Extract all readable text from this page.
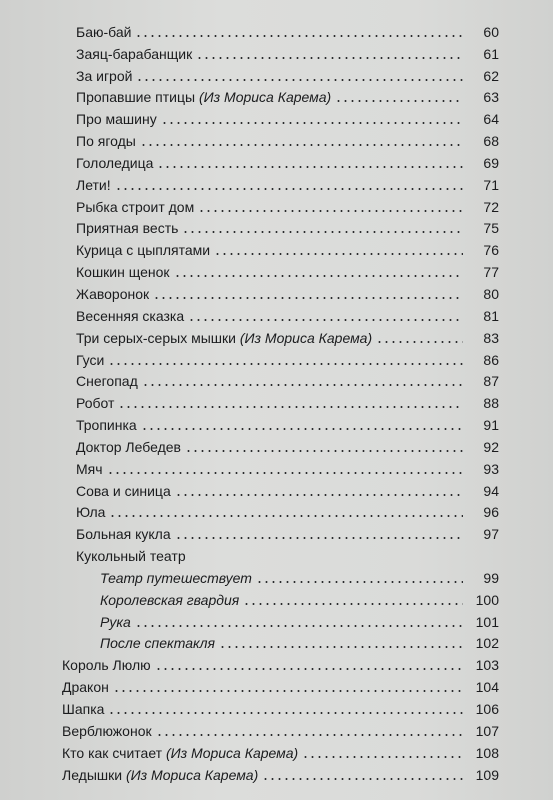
Баю-бай	60
Заяц-барабанщик	61
За игрой	62
Пропавшие птицы (Из Мориса Карема)	63
Про машину	64
По ягоды	68
Гололедица	69
Лети!	71
Рыбка строит дом	72
Приятная весть	75
Курица с цыплятами	76
Кошкин щенок	77
Жаворонок	80
Весенняя сказка	81
Три серых-серых мышки (Из Мориса Карема)	83
Гуси	86
Снегопад	87
Робот	88
Тропинка	91
Доктор Лебедев	92
Мяч	93
Сова и синица	94
Юла	96
Больная кукла	97
Кукольный театр
Театр путешествует	99
Королевская гвардия	100
Рука	101
После спектакля	102
Король Люлю	103
Дракон	104
Шапка	106
Верблюжонок	107
Кто как считает (Из Мориса Карема)	108
Ледышки (Из Мориса Карема)	109
